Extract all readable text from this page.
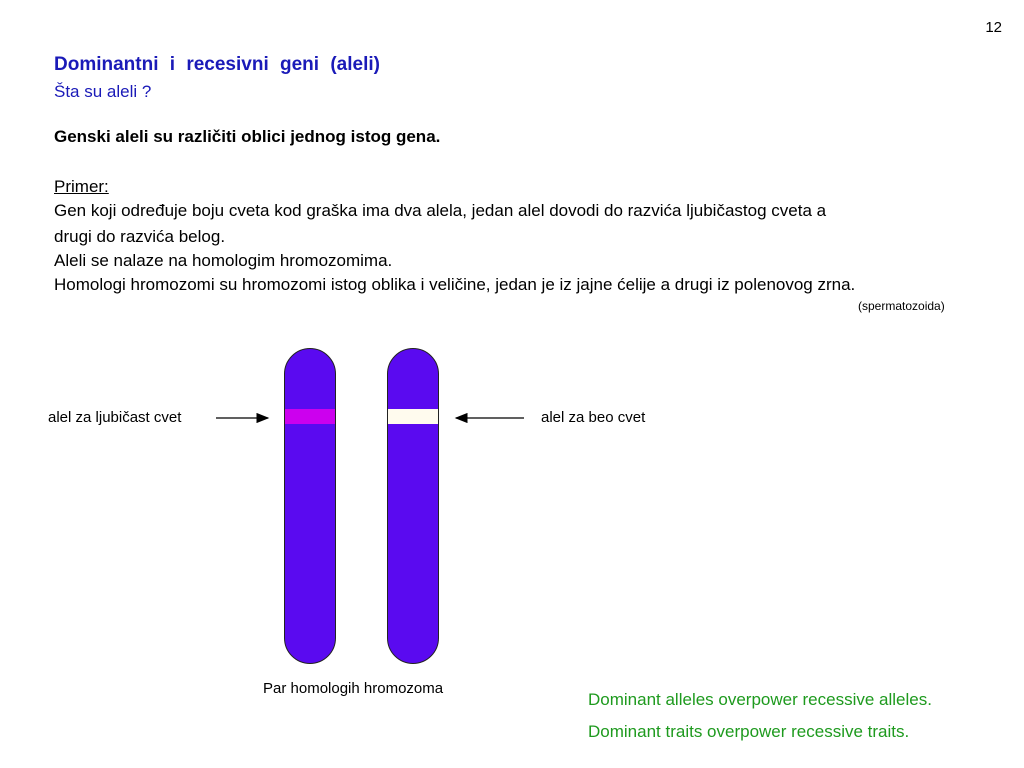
12
Dominantni i recesivni geni (aleli)
Šta su aleli ?
Genski aleli su različiti oblici jednog istog gena.
Primer:
Gen koji određuje boju cveta kod graška ima dva alela, jedan alel dovodi do razvića ljubičastog cveta a
drugi do razvića belog.
Aleli se nalaze na homologim hromozomima.
Homologi hromozomi su hromozomi istog oblika i veličine, jedan je iz jajne ćelije a drugi iz polenovog zrna.
(spermatozoida)
alel za ljubičast cvet	alel za beo cvet
Par homologih hromozoma
Dominant alleles overpower recessive alleles.
Dominant traits overpower recessive traits.
